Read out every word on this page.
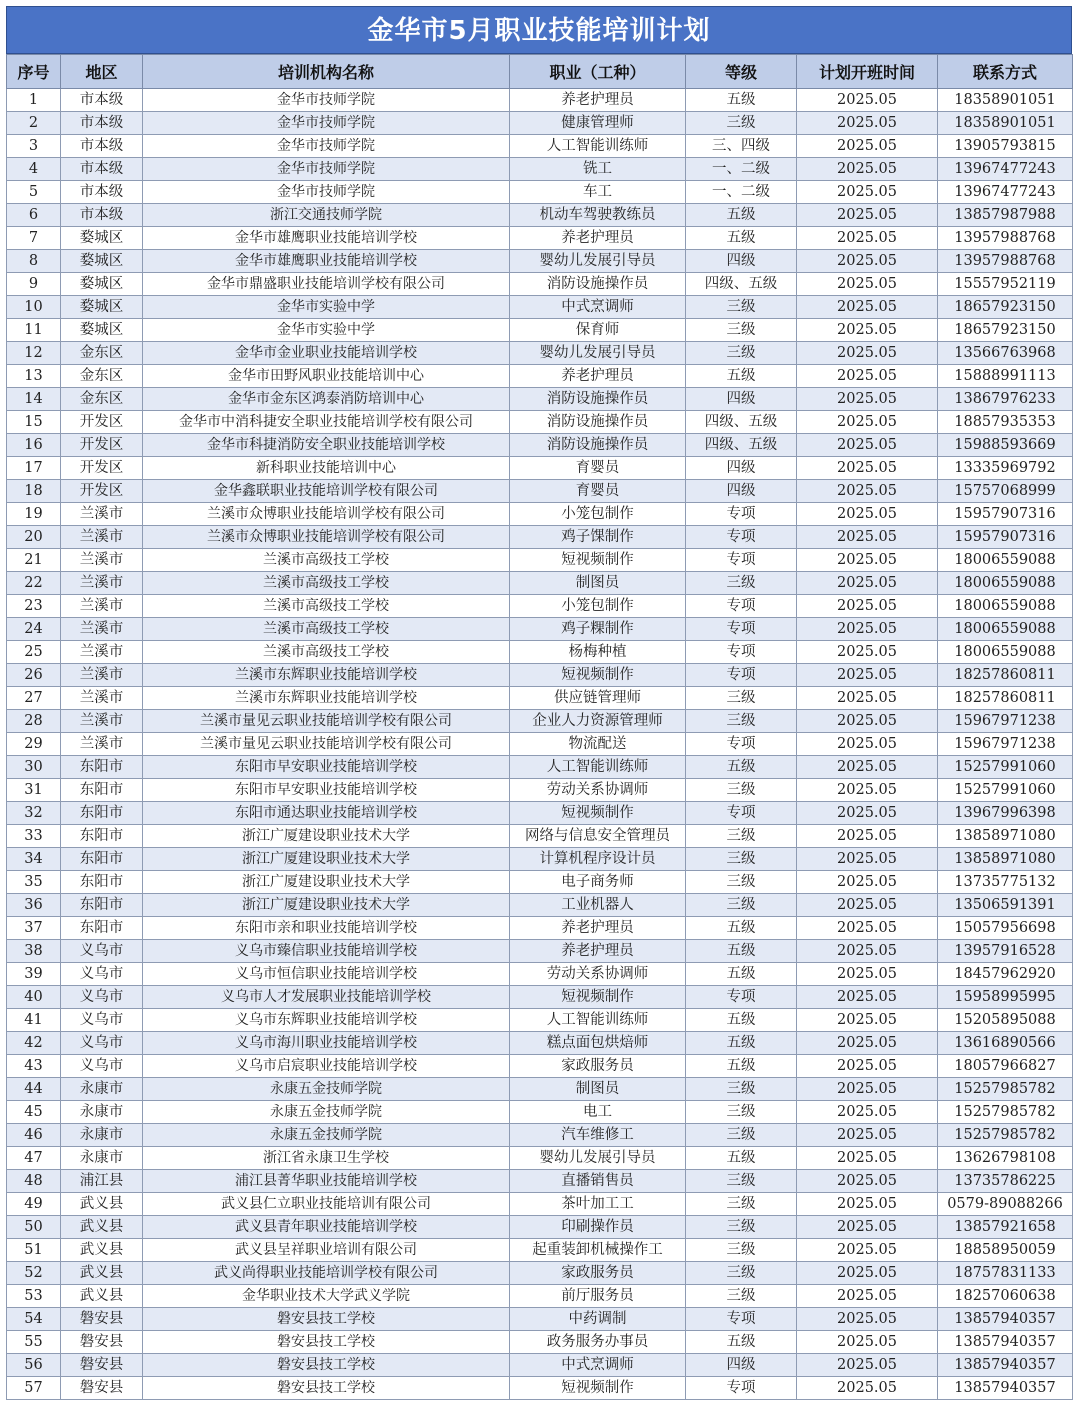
金华市5月职业技能培训计划
序号	地区	培训机构名称	职业（工种）	等级	计划开班时间	联系方式
1	市本级	金华市技师学院	养老护理员	五级	2025.05	18358901051
2	市本级	金华市技师学院	健康管理师	三级	2025.05	18358901051
3	市本级	金华市技师学院	人工智能训练师	三、四级	2025.05	13905793815
4	市本级	金华市技师学院	铣工	一、二级	2025.05	13967477243
5	市本级	金华市技师学院	车工	一、二级	2025.05	13967477243
6	市本级	浙江交通技师学院	机动车驾驶教练员	五级	2025.05	13857987988
7	婺城区	金华市雄鹰职业技能培训学校	养老护理员	五级	2025.05	13957988768
8	婺城区	金华市雄鹰职业技能培训学校	婴幼儿发展引导员	四级	2025.05	13957988768
9	婺城区	金华市鼎盛职业技能培训学校有限公司	消防设施操作员	四级、五级	2025.05	15557952119
10	婺城区	金华市实验中学	中式烹调师	三级	2025.05	18657923150
11	婺城区	金华市实验中学	保育师	三级	2025.05	18657923150
12	金东区	金华市金业职业技能培训学校	婴幼儿发展引导员	三级	2025.05	13566763968
13	金东区	金华市田野风职业技能培训中心	养老护理员	五级	2025.05	15888991113
14	金东区	金华市金东区鸿泰消防培训中心	消防设施操作员	四级	2025.05	13867976233
15	开发区	金华市中消科捷安全职业技能培训学校有限公司	消防设施操作员	四级、五级	2025.05	18857935353
16	开发区	金华市科捷消防安全职业技能培训学校	消防设施操作员	四级、五级	2025.05	15988593669
17	开发区	新科职业技能培训中心	育婴员	四级	2025.05	13335969792
18	开发区	金华鑫联职业技能培训学校有限公司	育婴员	四级	2025.05	15757068999
19	兰溪市	兰溪市众博职业技能培训学校有限公司	小笼包制作	专项	2025.05	15957907316
20	兰溪市	兰溪市众博职业技能培训学校有限公司	鸡子馃制作	专项	2025.05	15957907316
21	兰溪市	兰溪市高级技工学校	短视频制作	专项	2025.05	18006559088
22	兰溪市	兰溪市高级技工学校	制图员	三级	2025.05	18006559088
23	兰溪市	兰溪市高级技工学校	小笼包制作	专项	2025.05	18006559088
24	兰溪市	兰溪市高级技工学校	鸡子粿制作	专项	2025.05	18006559088
25	兰溪市	兰溪市高级技工学校	杨梅种植	专项	2025.05	18006559088
26	兰溪市	兰溪市东辉职业技能培训学校	短视频制作	专项	2025.05	18257860811
27	兰溪市	兰溪市东辉职业技能培训学校	供应链管理师	三级	2025.05	18257860811
28	兰溪市	兰溪市量见云职业技能培训学校有限公司	企业人力资源管理师	三级	2025.05	15967971238
29	兰溪市	兰溪市量见云职业技能培训学校有限公司	物流配送	专项	2025.05	15967971238
30	东阳市	东阳市早安职业技能培训学校	人工智能训练师	五级	2025.05	15257991060
31	东阳市	东阳市早安职业技能培训学校	劳动关系协调师	三级	2025.05	15257991060
32	东阳市	东阳市通达职业技能培训学校	短视频制作	专项	2025.05	13967996398
33	东阳市	浙江广厦建设职业技术大学	网络与信息安全管理员	三级	2025.05	13858971080
34	东阳市	浙江广厦建设职业技术大学	计算机程序设计员	三级	2025.05	13858971080
35	东阳市	浙江广厦建设职业技术大学	电子商务师	三级	2025.05	13735775132
36	东阳市	浙江广厦建设职业技术大学	工业机器人	三级	2025.05	13506591391
37	东阳市	东阳市亲和职业技能培训学校	养老护理员	五级	2025.05	15057956698
38	义乌市	义乌市臻信职业技能培训学校	养老护理员	五级	2025.05	13957916528
39	义乌市	义乌市恒信职业技能培训学校	劳动关系协调师	五级	2025.05	18457962920
40	义乌市	义乌市人才发展职业技能培训学校	短视频制作	专项	2025.05	15958995995
41	义乌市	义乌市东辉职业技能培训学校	人工智能训练师	五级	2025.05	15205895088
42	义乌市	义乌市海川职业技能培训学校	糕点面包烘焙师	五级	2025.05	13616890566
43	义乌市	义乌市启宸职业技能培训学校	家政服务员	五级	2025.05	18057966827
44	永康市	永康五金技师学院	制图员	三级	2025.05	15257985782
45	永康市	永康五金技师学院	电工	三级	2025.05	15257985782
46	永康市	永康五金技师学院	汽车维修工	三级	2025.05	15257985782
47	永康市	浙江省永康卫生学校	婴幼儿发展引导员	五级	2025.05	13626798108
48	浦江县	浦江县菁华职业技能培训学校	直播销售员	三级	2025.05	13735786225
49	武义县	武义县仁立职业技能培训有限公司	茶叶加工工	三级	2025.05	0579-89088266
50	武义县	武义县青年职业技能培训学校	印刷操作员	三级	2025.05	13857921658
51	武义县	武义县呈祥职业培训有限公司	起重装卸机械操作工	三级	2025.05	18858950059
52	武义县	武义尚得职业技能培训学校有限公司	家政服务员	三级	2025.05	18757831133
53	武义县	金华职业技术大学武义学院	前厅服务员	三级	2025.05	18257060638
54	磐安县	磐安县技工学校	中药调制	专项	2025.05	13857940357
55	磐安县	磐安县技工学校	政务服务办事员	五级	2025.05	13857940357
56	磐安县	磐安县技工学校	中式烹调师	四级	2025.05	13857940357
57	磐安县	磐安县技工学校	短视频制作	专项	2025.05	13857940357
